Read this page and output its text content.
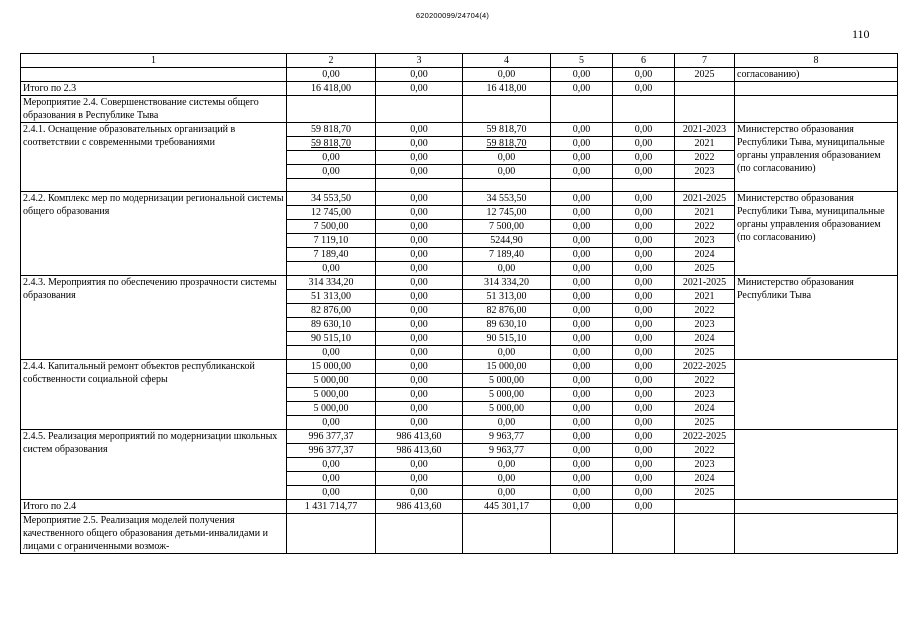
620200099/24704(4)
110
1	2	3	4	5	6	7	8
	0,00	0,00	0,00	0,00	0,00	2025	согласованию)
Итого по 2.3	16 418,00	0,00	16 418,00	0,00	0,00		
Мероприятие 2.4. Совершенствование системы общего образования в Республике Тыва							
2.4.1. Оснащение образовательных организаций в соответствии с современными требованиями	59 818,70	0,00	59 818,70	0,00	0,00	2021-2023	Министерство образования Республики Тыва, муниципальные органы управления образованием (по согласованию)
	59 818,70	0,00	59 818,70	0,00	0,00	2021	
	0,00	0,00	0,00	0,00	0,00	2022	
	0,00	0,00	0,00	0,00	0,00	2023	

2.4.2. Комплекс мер по модернизации региональной системы общего образования	34 553,50	0,00	34 553,50	0,00	0,00	2021-2025	Министерство образования Республики Тыва, муниципальные органы управления образованием (по согласованию)
	12 745,00	0,00	12 745,00	0,00	0,00	2021	
	7 500,00	0,00	7 500,00	0,00	0,00	2022	
	7 119,10	0,00	5244,90	0,00	0,00	2023	
	7 189,40	0,00	7 189,40	0,00	0,00	2024	
	0,00	0,00	0,00	0,00	0,00	2025	
2.4.3. Мероприятия по обеспечению прозрачности системы образования	314 334,20	0,00	314 334,20	0,00	0,00	2021-2025	Министерство образования Республики Тыва
	51 313,00	0,00	51 313,00	0,00	0,00	2021	
	82 876,00	0,00	82 876,00	0,00	0,00	2022	
	89 630,10	0,00	89 630,10	0,00	0,00	2023	
	90 515,10	0,00	90 515,10	0,00	0,00	2024	
	0,00	0,00	0,00	0,00	0,00	2025	
2.4.4. Капитальный ремонт объектов республиканской собственности социальной сферы	15 000,00	0,00	15 000,00	0,00	0,00	2022-2025	
	5 000,00	0,00	5 000,00	0,00	0,00	2022	
	5 000,00	0,00	5 000,00	0,00	0,00	2023	
	5 000,00	0,00	5 000,00	0,00	0,00	2024	
	0,00	0,00	0,00	0,00	0,00	2025	
2.4.5. Реализация мероприятий по модернизации школьных систем образования	996 377,37	986 413,60	9 963,77	0,00	0,00	2022-2025	
	996 377,37	986 413,60	9 963,77	0,00	0,00	2022	
	0,00	0,00	0,00	0,00	0,00	2023	
	0,00	0,00	0,00	0,00	0,00	2024	
	0,00	0,00	0,00	0,00	0,00	2025	
Итого по 2.4	1 431 714,77	986 413,60	445 301,17	0,00	0,00		
Мероприятие 2.5. Реализация моделей получения качественного общего образования детьми-инвалидами и лицами с ограниченными возмож-							
